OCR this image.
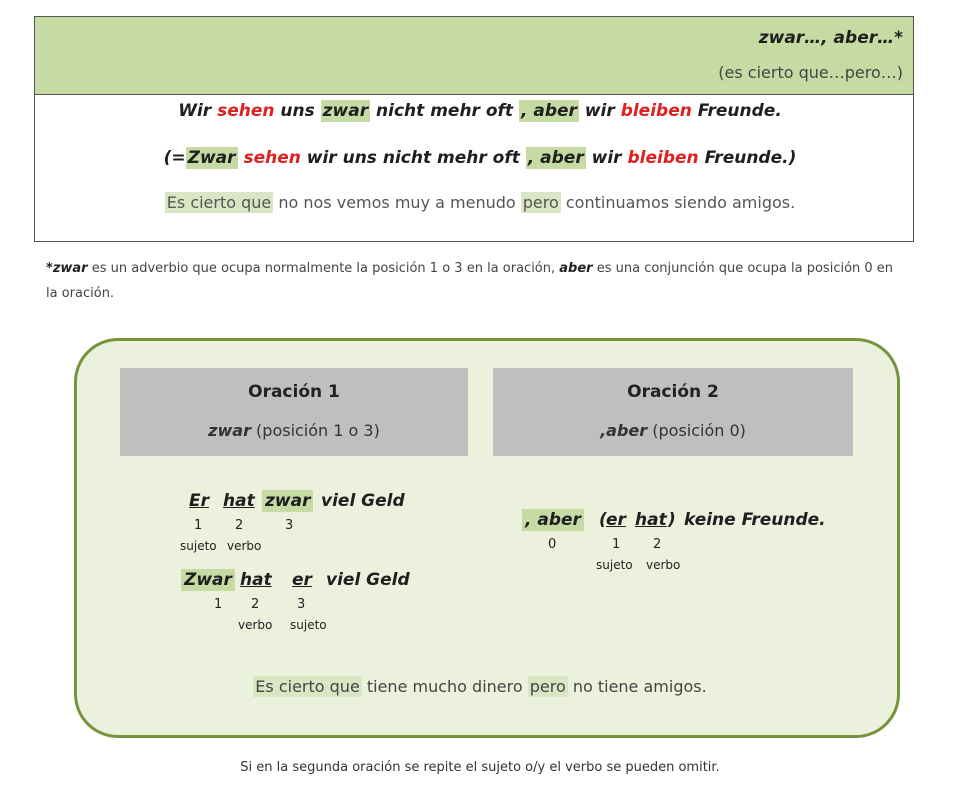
zwar…, aber…*
(es cierto que…pero…)
Wir sehen uns zwar nicht mehr oft , aber wir bleiben Freunde.
(= Zwar sehen wir uns nicht mehr oft , aber wir bleiben Freunde.)
Es cierto que no nos vemos muy a menudo pero continuamos siendo amigos.
*zwar es un adverbio que ocupa normalmente la posición 1 o 3 en la oración, aber es una conjunción que ocupa la posición 0 en la oración.
Oración 1
zwar (posición 1 o 3)
Oración 2
,aber (posición 0)
Er hat zwar viel Geld
1	2	3
sujeto verbo
Zwar hat er viel Geld
1 2	3
verbo sujeto
, aber ( er hat ) keine Freunde.
0	1	2
sujeto verbo
Es cierto que tiene mucho dinero pero no tiene amigos.
Si en la segunda oración se repite el sujeto o/y el verbo se pueden omitir.
